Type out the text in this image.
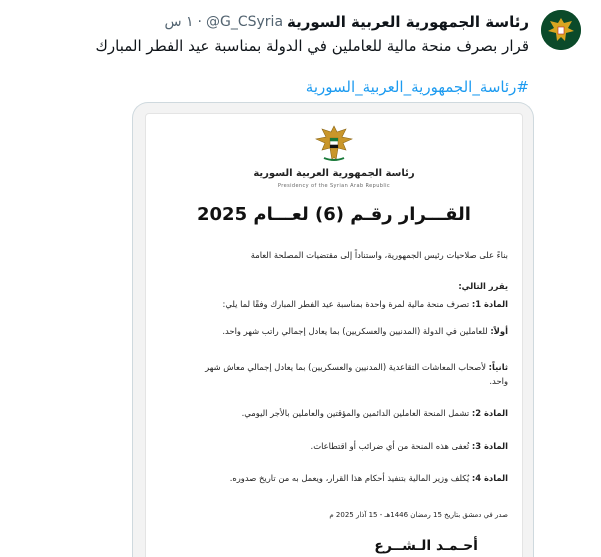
رئاسة الجمهورية العربية السورية
@G_CSyria
·
١ س
قرار بصرف منحة مالية للعاملين في الدولة بمناسبة عيد الفطر المبارك
#رئاسة_الجمهورية_العربية_السورية
رئاسة الجمهورية العربية السورية
Presidency of the Syrian Arab Republic
القـــرار رقـم (6) لعـــام 2025
بناءً على صلاحيات رئيس الجمهورية، واستناداً إلى مقتضيات المصلحة العامة
يقرر التالي:
المادة 1: تصرف منحة مالية لمرة واحدة بمناسبة عيد الفطر المبارك وفقًا لما يلي:
أولاً: للعاملين في الدولة (المدنيين والعسكريين) بما يعادل إجمالي راتب شهر واحد.
ثانياً: لأصحاب المعاشات التقاعدية (المدنيين والعسكريين) بما يعادل إجمالي معاش شهر واحد.
المادة 2: تشمل المنحة العاملين الدائمين والمؤقتين والعاملين بالأجر اليومي.
المادة 3: تُعفى هذه المنحة من أي ضرائب أو اقتطاعات.
المادة 4: يُكلف وزير المالية بتنفيذ أحكام هذا القرار، ويعمل به من تاريخ صدوره.
صدر في دمشق بتاريخ 15 رمضان 1446هـ - 15 آذار 2025 م
أحـمـد الـشــرع
